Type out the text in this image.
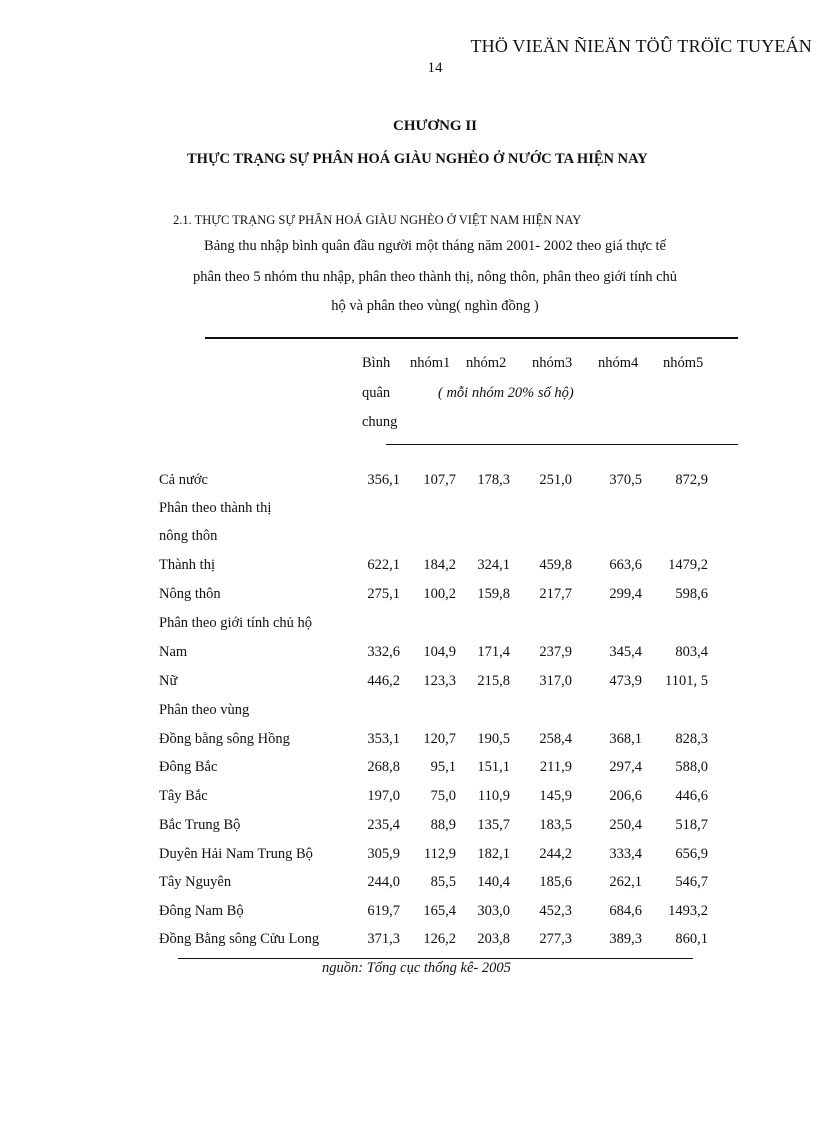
THÖ VIEÄN ÑIEÄN TÖÛ TRÖÏC TUYEÁN
14
CHƯƠNG II
THỰC TRẠNG SỰ PHÂN HOÁ GIÀU NGHÈO Ở NƯỚC TA HIỆN NAY
2.1. THỰC TRẠNG SỰ PHÂN HOÁ GIÀU NGHÈO Ở VIỆT NAM HIỆN NAY
Bảng thu nhập bình quân đầu người một tháng năm 2001- 2002 theo giá thực tế
phân theo 5 nhóm thu nhập, phân theo thành thị, nông thôn, phân theo giới tính chủ
hộ và phân theo vùng( nghìn đồng )
Bình
quân
chung
nhóm1 nhóm2 nhóm3 nhóm4 nhóm5
( mỗi nhóm 20% số hộ)
Cả nước	356,1	107,7	178,3	251,0	370,5	872,9
Phân theo thành thị
nông thôn
Thành thị	622,1	184,2	324,1	459,8	663,6	1479,2
Nông thôn	275,1	100,2	159,8	217,7	299,4	598,6
Phân theo giới tính chủ hộ
Nam	332,6	104,9	171,4	237,9	345,4	803,4
Nữ	446,2	123,3	215,8	317,0	473,9	1101, 5
Phân theo vùng
Đồng bằng sông Hồng	353,1	120,7	190,5	258,4	368,1	828,3
Đông Bắc	268,8	95,1	151,1	211,9	297,4	588,0
Tây Bắc	197,0	75,0	110,9	145,9	206,6	446,6
Bắc Trung Bộ	235,4	88,9	135,7	183,5	250,4	518,7
Duyên Hải Nam Trung Bộ	305,9	112,9	182,1	244,2	333,4	656,9
Tây Nguyên	244,0	85,5	140,4	185,6	262,1	546,7
Đông Nam Bộ	619,7	165,4	303,0	452,3	684,6	1493,2
Đồng Bằng sông Cửu Long	371,3	126,2	203,8	277,3	389,3	860,1
nguồn: Tổng cục thống kê- 2005
